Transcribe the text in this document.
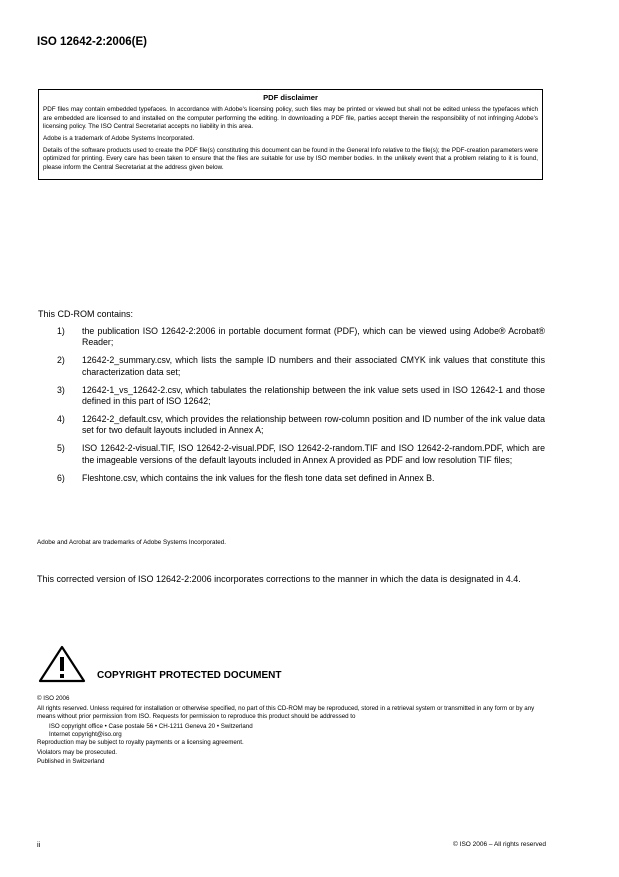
ISO 12642-2:2006(E)
PDF disclaimer

PDF files may contain embedded typefaces. In accordance with Adobe's licensing policy, such files may be printed or viewed but shall not be edited unless the typefaces which are embedded are licensed to and installed on the computer performing the editing. In downloading a PDF file, parties accept therein the responsibility of not infringing Adobe's licensing policy. The ISO Central Secretariat accepts no liability in this area.

Adobe is a trademark of Adobe Systems Incorporated.

Details of the software products used to create the PDF file(s) constituting this document can be found in the General Info relative to the file(s); the PDF-creation parameters were optimized for printing. Every care has been taken to ensure that the files are suitable for use by ISO member bodies. In the unlikely event that a problem relating to it is found, please inform the Central Secretariat at the address given below.

This CD-ROM contains:
1)	the publication ISO 12642-2:2006 in portable document format (PDF), which can be viewed using Adobe® Acrobat® Reader;
2)	12642-2_summary.csv, which lists the sample ID numbers and their associated CMYK ink values that constitute this characterization data set;
3)	12642-1_vs_12642-2.csv, which tabulates the relationship between the ink value sets used in ISO 12642-1 and those defined in this part of ISO 12642;
4)	12642-2_default.csv, which provides the relationship between row-column position and ID number of the ink value data set for two default layouts included in Annex A;
5)	ISO 12642-2-visual.TIF, ISO 12642-2-visual.PDF, ISO 12642-2-random.TIF and ISO 12642-2-random.PDF, which are the imageable versions of the default layouts included in Annex A provided as PDF and low resolution TIF files;
6)	Fleshtone.csv, which contains the ink values for the flesh tone data set defined in Annex B.
Adobe and Acrobat are trademarks of Adobe Systems Incorporated.
This corrected version of ISO 12642-2:2006 incorporates corrections to the manner in which the data is designated in 4.4.
COPYRIGHT PROTECTED DOCUMENT

© ISO 2006

All rights reserved. Unless required for installation or otherwise specified, no part of this CD-ROM may be reproduced, stored in a retrieval system or transmitted in any form or by any means without prior permission from ISO. Requests for permission to reproduce this product should be addressed to

ISO copyright office • Case postale 56 • CH-1211 Geneva 20 • Switzerland

Internet copyright@iso.org

Reproduction may be subject to royalty payments or a licensing agreement.

Violators may be prosecuted.

Published in Switzerland

ii	© ISO 2006 – All rights reserved
